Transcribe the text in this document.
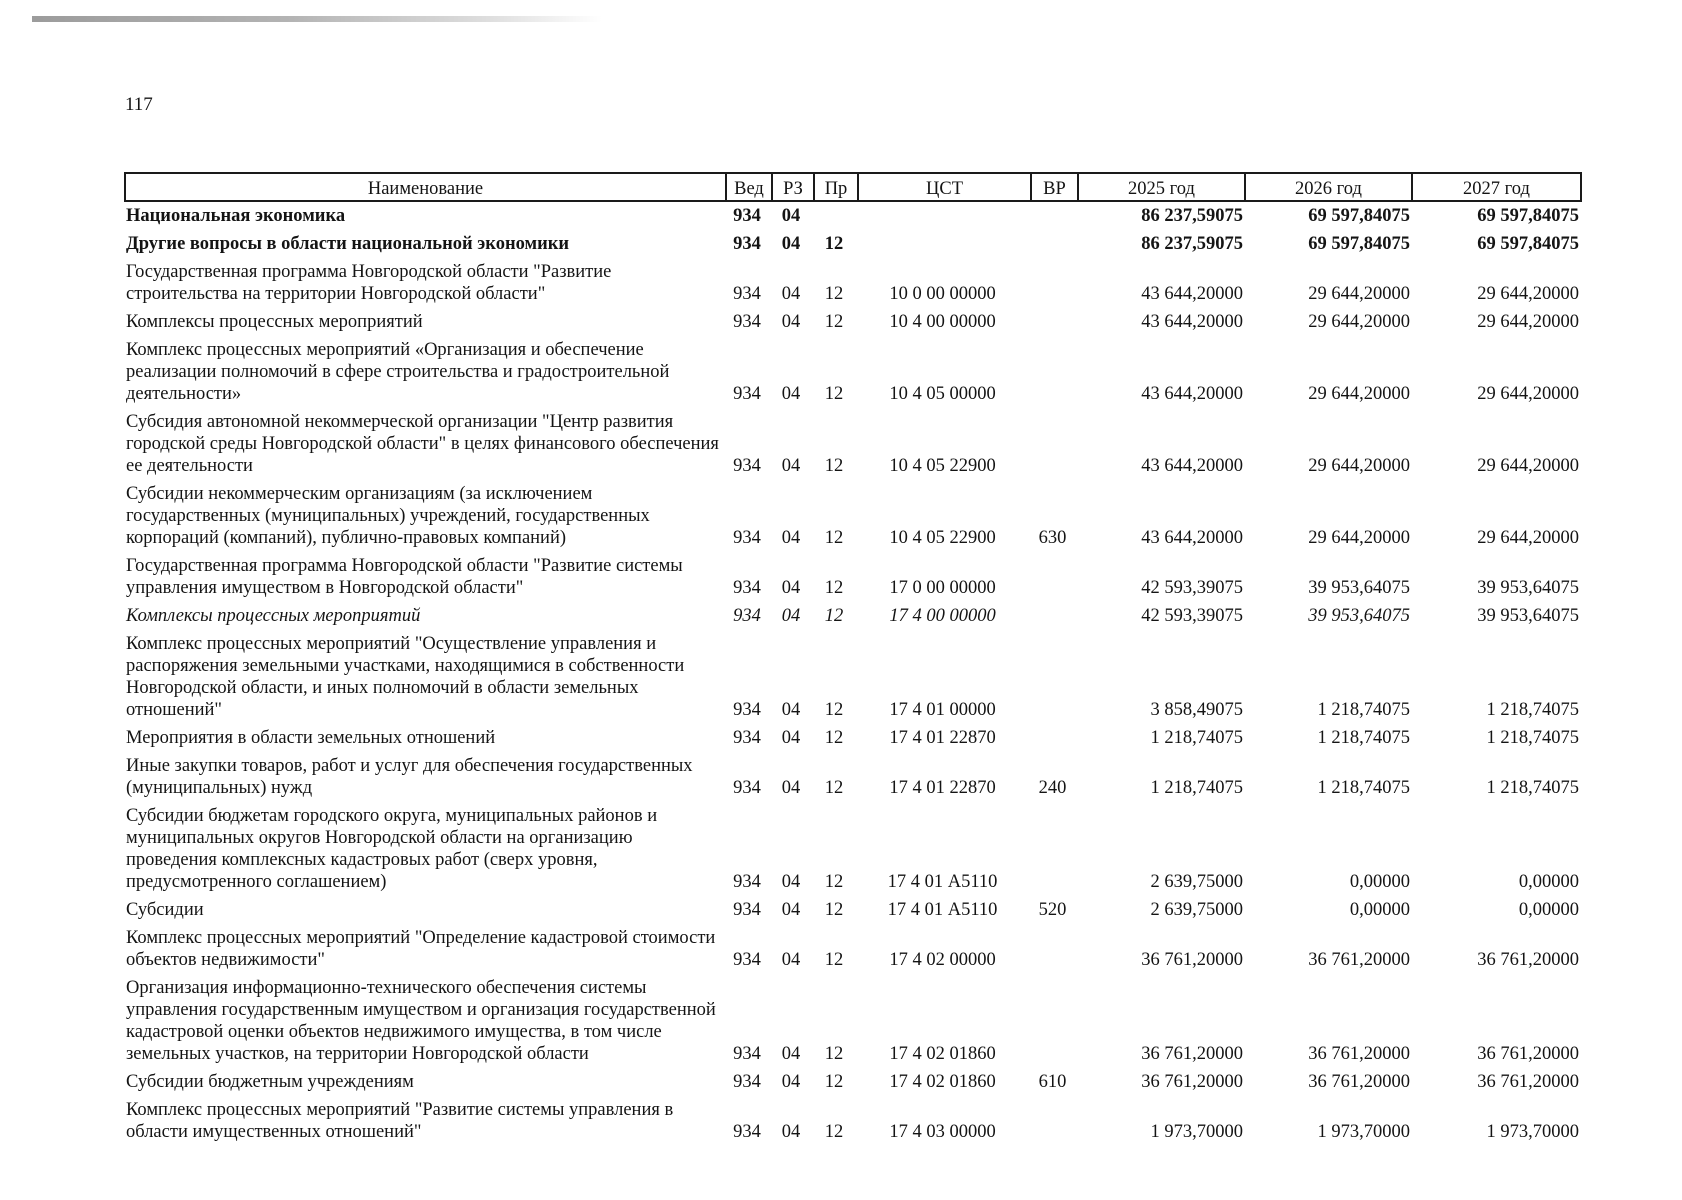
117
Наименование	Вед	РЗ	Пр	ЦСТ	ВР	2025 год	2026 год	2027 год
Национальная экономика	934	04				86 237,59075	69 597,84075	69 597,84075
Другие вопросы в области национальной экономики	934	04	12			86 237,59075	69 597,84075	69 597,84075
Государственная программа Новгородской области "Развитие строительства на территории Новгородской области"	934	04	12	10 0 00 00000		43 644,20000	29 644,20000	29 644,20000
Комплексы процессных мероприятий	934	04	12	10 4 00 00000		43 644,20000	29 644,20000	29 644,20000
Комплекс процессных мероприятий «Организация и обеспечение реализации полномочий в сфере строительства и градостроительной деятельности»	934	04	12	10 4 05 00000		43 644,20000	29 644,20000	29 644,20000
Субсидия автономной некоммерческой организации "Центр развития городской среды Новгородской области" в целях финансового обеспечения ее деятельности	934	04	12	10 4 05 22900		43 644,20000	29 644,20000	29 644,20000
Субсидии некоммерческим организациям (за исключением государственных (муниципальных) учреждений, государственных корпораций (компаний), публично-правовых компаний)	934	04	12	10 4 05 22900	630	43 644,20000	29 644,20000	29 644,20000
Государственная программа Новгородской области "Развитие системы управления имуществом в Новгородской области"	934	04	12	17 0 00 00000		42 593,39075	39 953,64075	39 953,64075
Комплексы процессных мероприятий	934	04	12	17 4 00 00000		42 593,39075	39 953,64075	39 953,64075
Комплекс процессных мероприятий "Осуществление управления и распоряжения земельными участками, находящимися в собственности Новгородской области, и иных полномочий в области земельных отношений"	934	04	12	17 4 01 00000		3 858,49075	1 218,74075	1 218,74075
Мероприятия в области земельных отношений	934	04	12	17 4 01 22870		1 218,74075	1 218,74075	1 218,74075
Иные закупки товаров, работ и услуг для обеспечения государственных (муниципальных) нужд	934	04	12	17 4 01 22870	240	1 218,74075	1 218,74075	1 218,74075
Субсидии бюджетам городского округа, муниципальных районов и муниципальных округов Новгородской области на организацию проведения комплексных кадастровых работ (сверх уровня, предусмотренного соглашением)	934	04	12	17 4 01 А5110		2 639,75000	0,00000	0,00000
Субсидии	934	04	12	17 4 01 А5110	520	2 639,75000	0,00000	0,00000
Комплекс процессных мероприятий "Определение кадастровой стоимости объектов недвижимости"	934	04	12	17 4 02 00000		36 761,20000	36 761,20000	36 761,20000
Организация информационно-технического обеспечения системы управления государственным имуществом и организация государственной кадастровой оценки объектов недвижимого имущества, в том числе земельных участков, на территории Новгородской области	934	04	12	17 4 02 01860		36 761,20000	36 761,20000	36 761,20000
Субсидии бюджетным учреждениям	934	04	12	17 4 02 01860	610	36 761,20000	36 761,20000	36 761,20000
Комплекс процессных мероприятий "Развитие системы управления в области имущественных отношений"	934	04	12	17 4 03 00000		1 973,70000	1 973,70000	1 973,70000
